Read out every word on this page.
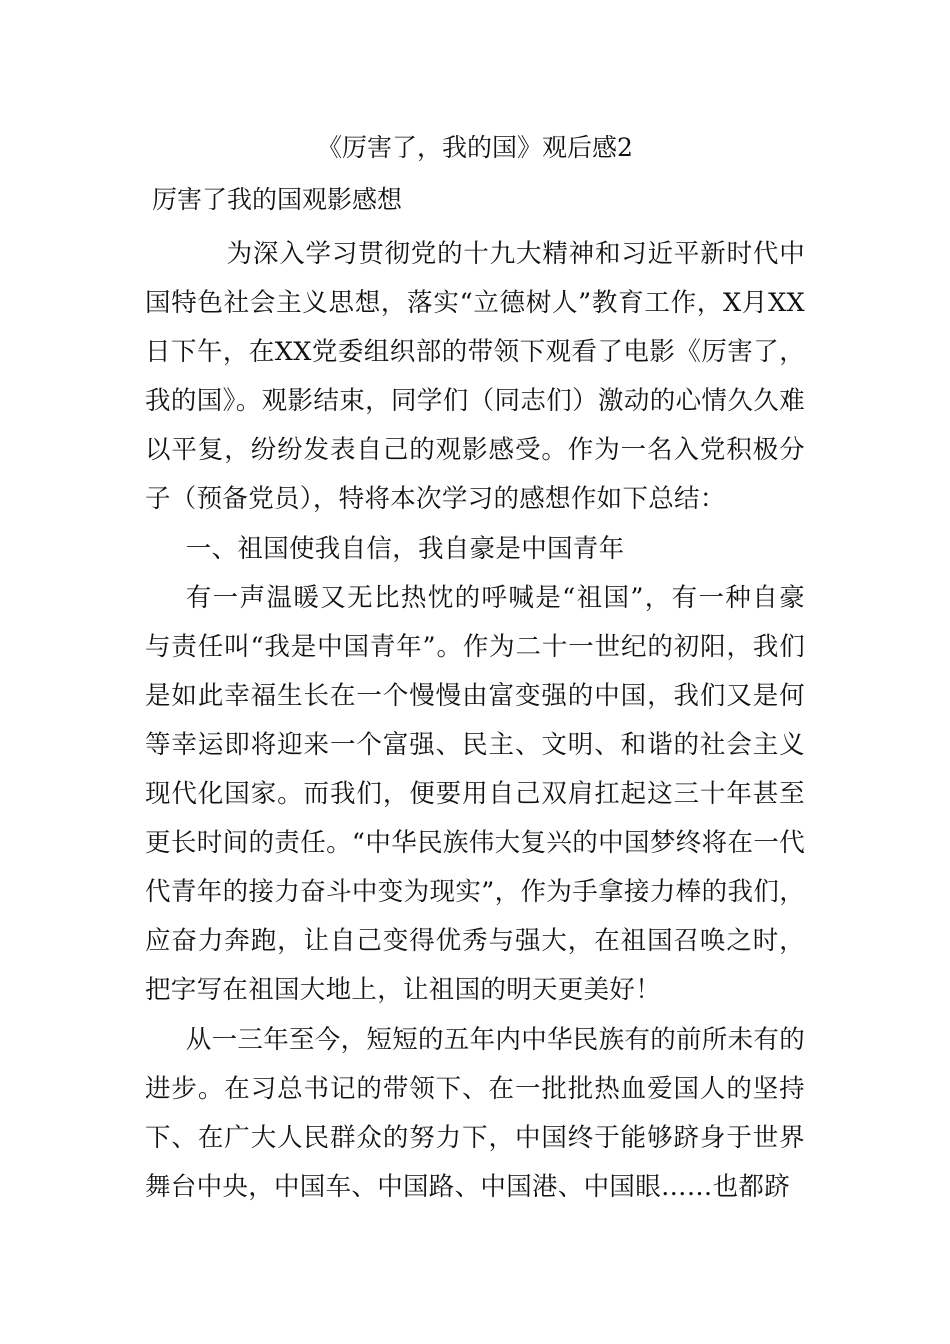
《厉害了，我的国》观后感2

厉害了我的国观影感想

为深入学习贯彻党的十九大精神和习近平新时代中国特色社会主义思想，落实“立德树人”教育工作，X月XX日下午，在XX党委组织部的带领下观看了电影《厉害了，我的国》。观影结束，同学们（同志们）激动的心情久久难以平复，纷纷发表自己的观影感受。作为一名入党积极分子（预备党员），特将本次学习的感想作如下总结：

一、祖国使我自信，我自豪是中国青年

有一声温暖又无比热忱的呼喊是“祖国”，有一种自豪与责任叫“我是中国青年”。作为二十一世纪的初阳，我们是如此幸福生长在一个慢慢由富变强的中国，我们又是何等幸运即将迎来一个富强、民主、文明、和谐的社会主义现代化国家。而我们，便要用自己双肩扛起这三十年甚至更长时间的责任。“中华民族伟大复兴的中国梦终将在一代代青年的接力奋斗中变为现实”，作为手拿接力棒的我们，应奋力奔跑，让自己变得优秀与强大，在祖国召唤之时，把字写在祖国大地上，让祖国的明天更美好！

从一三年至今，短短的五年内中华民族有的前所未有的进步。在习总书记的带领下、在一批批热血爱国人的坚持下、在广大人民群众的努力下，中国终于能够跻身于世界舞台中央，中国车、中国路、中国港、中国眼……也都跻
